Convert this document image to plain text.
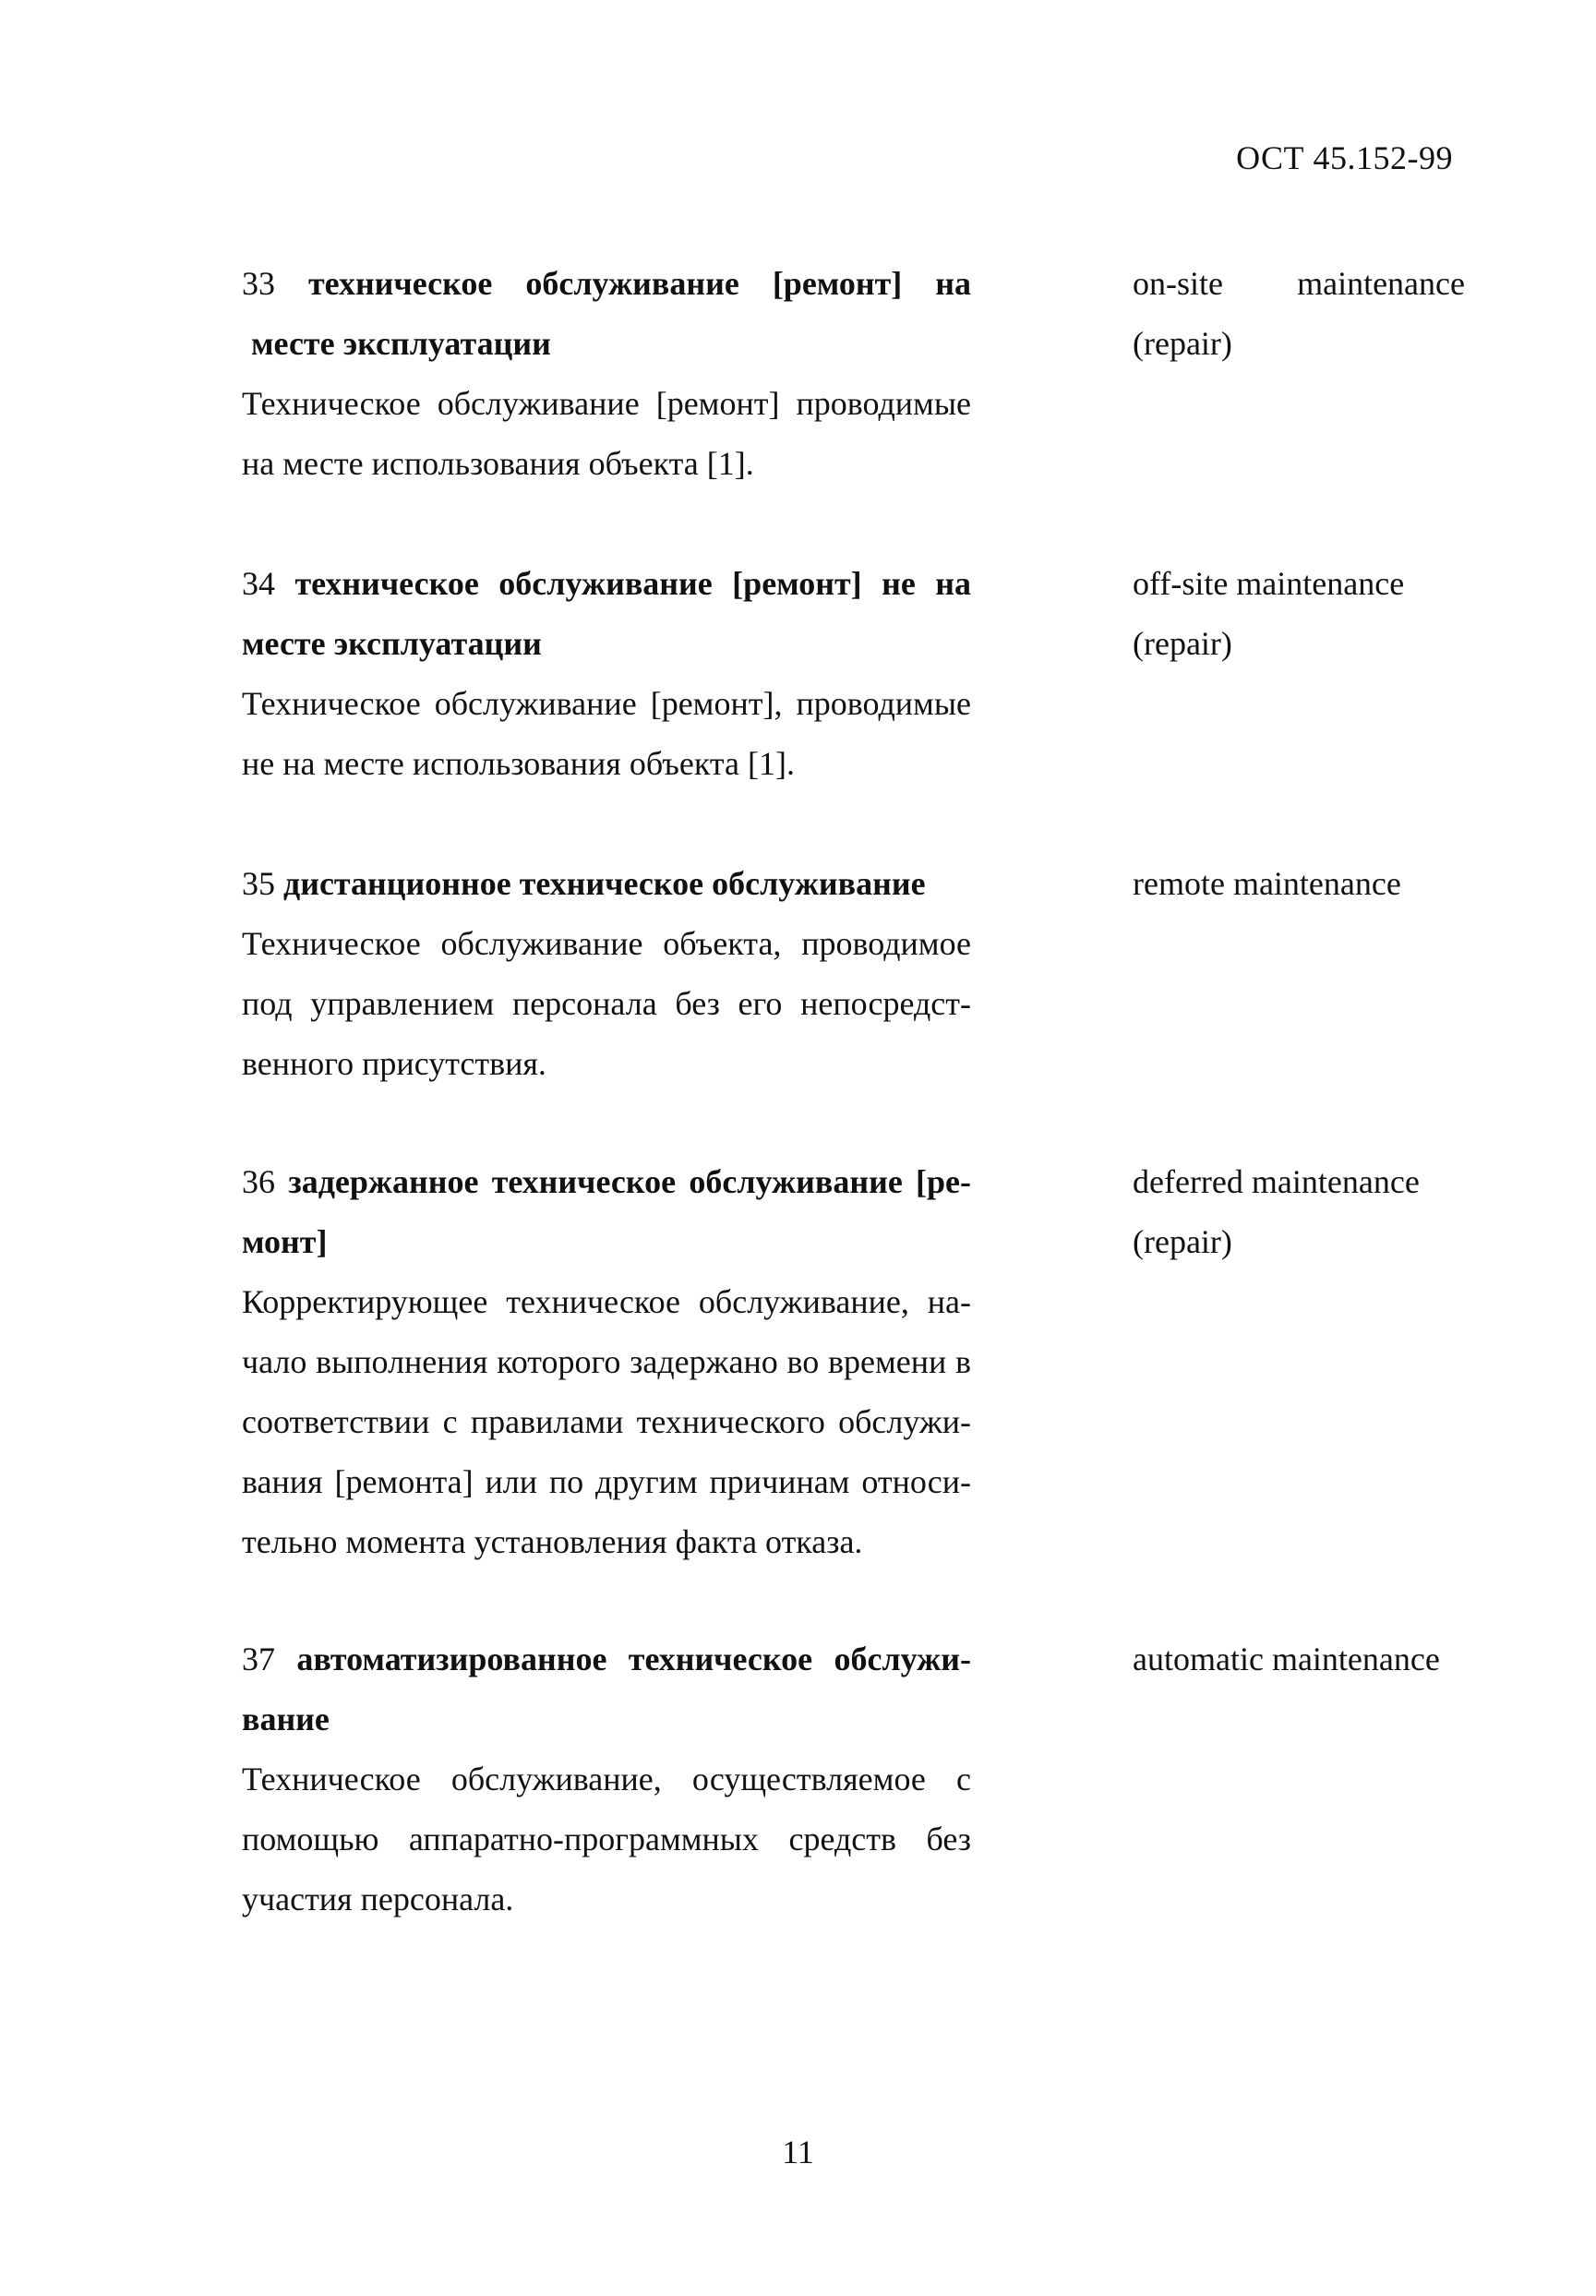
ОСТ 45.152-99
33 техническое обслуживание [ремонт] на
месте эксплуатации
Техническое обслуживание [ремонт] проводимые
на месте использования объекта [1].
on-site maintenance
(repair)
34 техническое обслуживание [ремонт] не на
месте эксплуатации
Техническое обслуживание [ремонт], проводимые
не на месте использования объекта [1].
off-site maintenance
(repair)
35 дистанционное техническое обслуживание
Техническое обслуживание объекта, проводимое
под управлением персонала без его непосредст-
венного присутствия.
remote maintenance
36 задержанное техническое обслуживание [ре-
монт]
Корректирующее техническое обслуживание, на-
чало выполнения которого задержано во времени в
соответствии с правилами технического обслужи-
вания [ремонта] или по другим причинам относи-
тельно момента установления факта отказа.
deferred maintenance
(repair)
37 автоматизированное техническое обслужи-
вание
Техническое обслуживание, осуществляемое с
помощью аппаратно-программных средств без
участия персонала.
automatic maintenance
11
